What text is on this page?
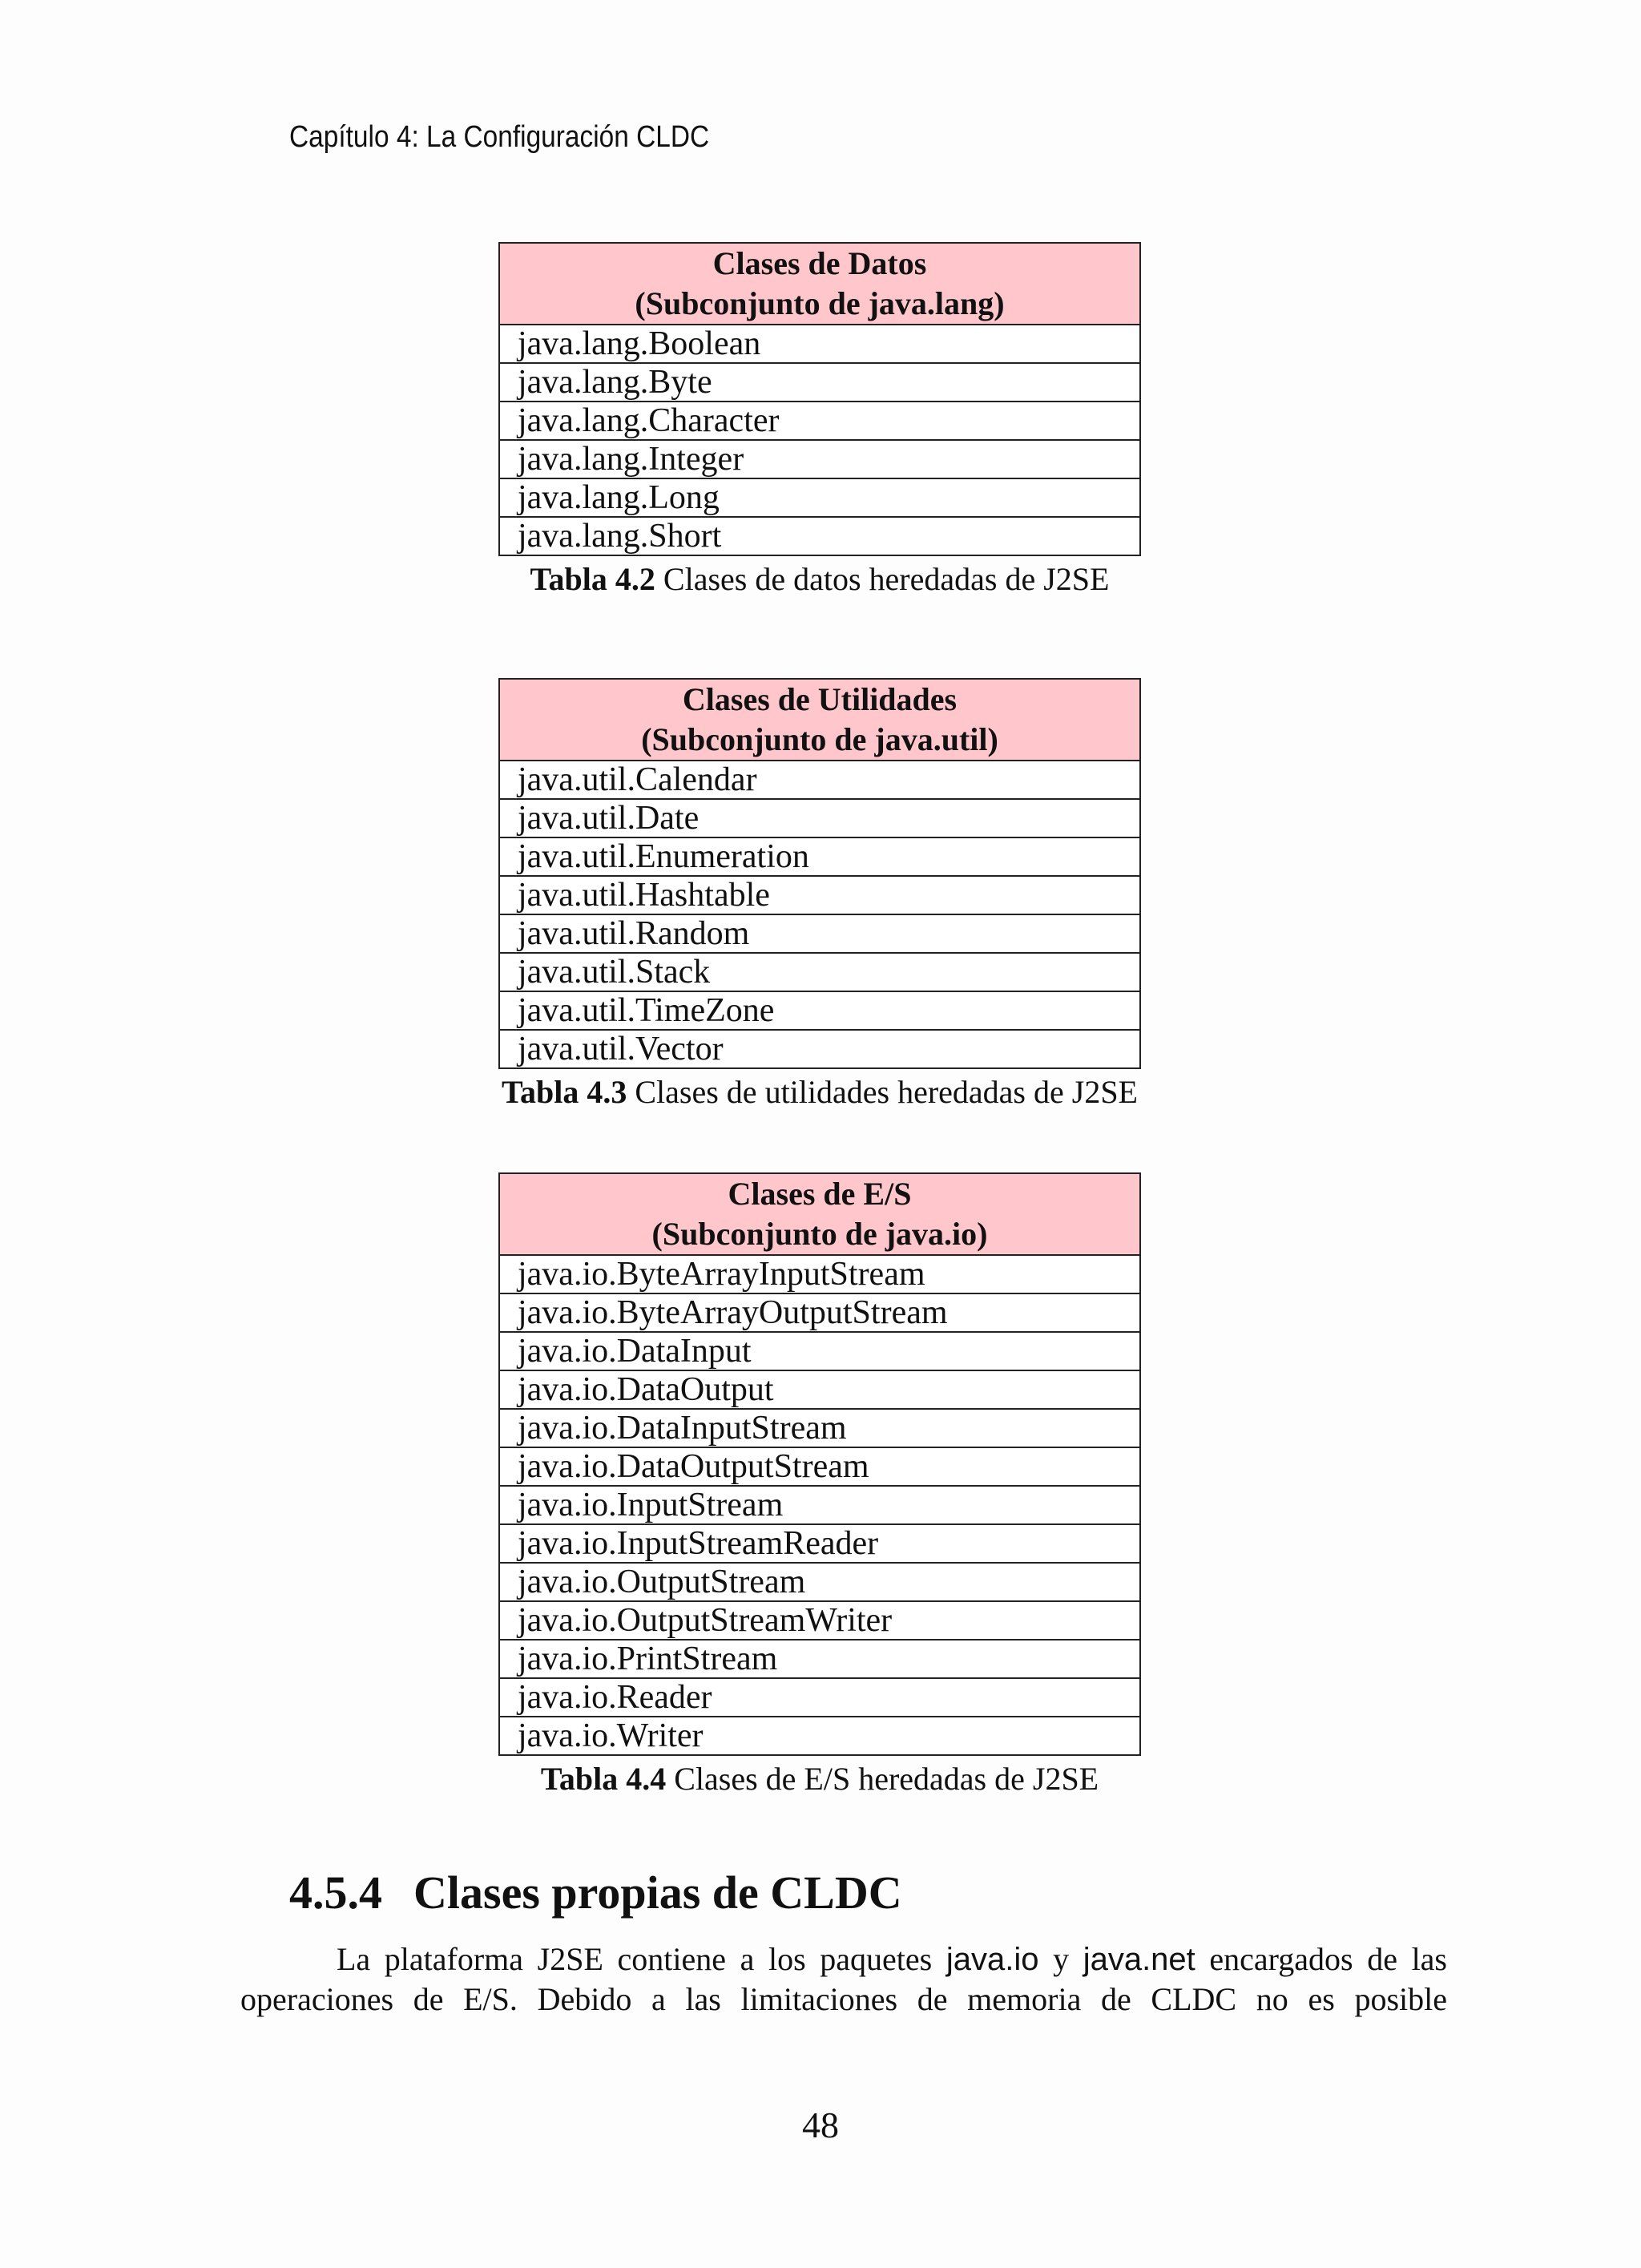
Capítulo 4: La Configuración CLDC
Clases de Datos
(Subconjunto de java.lang)

java.lang.Boolean
java.lang.Byte
java.lang.Character
java.lang.Integer
java.lang.Long
java.lang.Short
Tabla 4.2 Clases de datos heredadas de J2SE
Clases de Utilidades
(Subconjunto de java.util)

java.util.Calendar
java.util.Date
java.util.Enumeration
java.util.Hashtable
java.util.Random
java.util.Stack
java.util.TimeZone
java.util.Vector
Tabla 4.3 Clases de utilidades heredadas de J2SE
Clases de E/S
(Subconjunto de java.io)

java.io.ByteArrayInputStream
java.io.ByteArrayOutputStream
java.io.DataInput
java.io.DataOutput
java.io.DataInputStream
java.io.DataOutputStream
java.io.InputStream
java.io.InputStreamReader
java.io.OutputStream
java.io.OutputStreamWriter
java.io.PrintStream
java.io.Reader
java.io.Writer
Tabla 4.4 Clases de E/S heredadas de J2SE
4.5.4 Clases propias de CLDC
La plataforma J2SE contiene a los paquetes java.io y java.net encargados de las
operaciones de E/S. Debido a las limitaciones de memoria de CLDC no es posible
48
